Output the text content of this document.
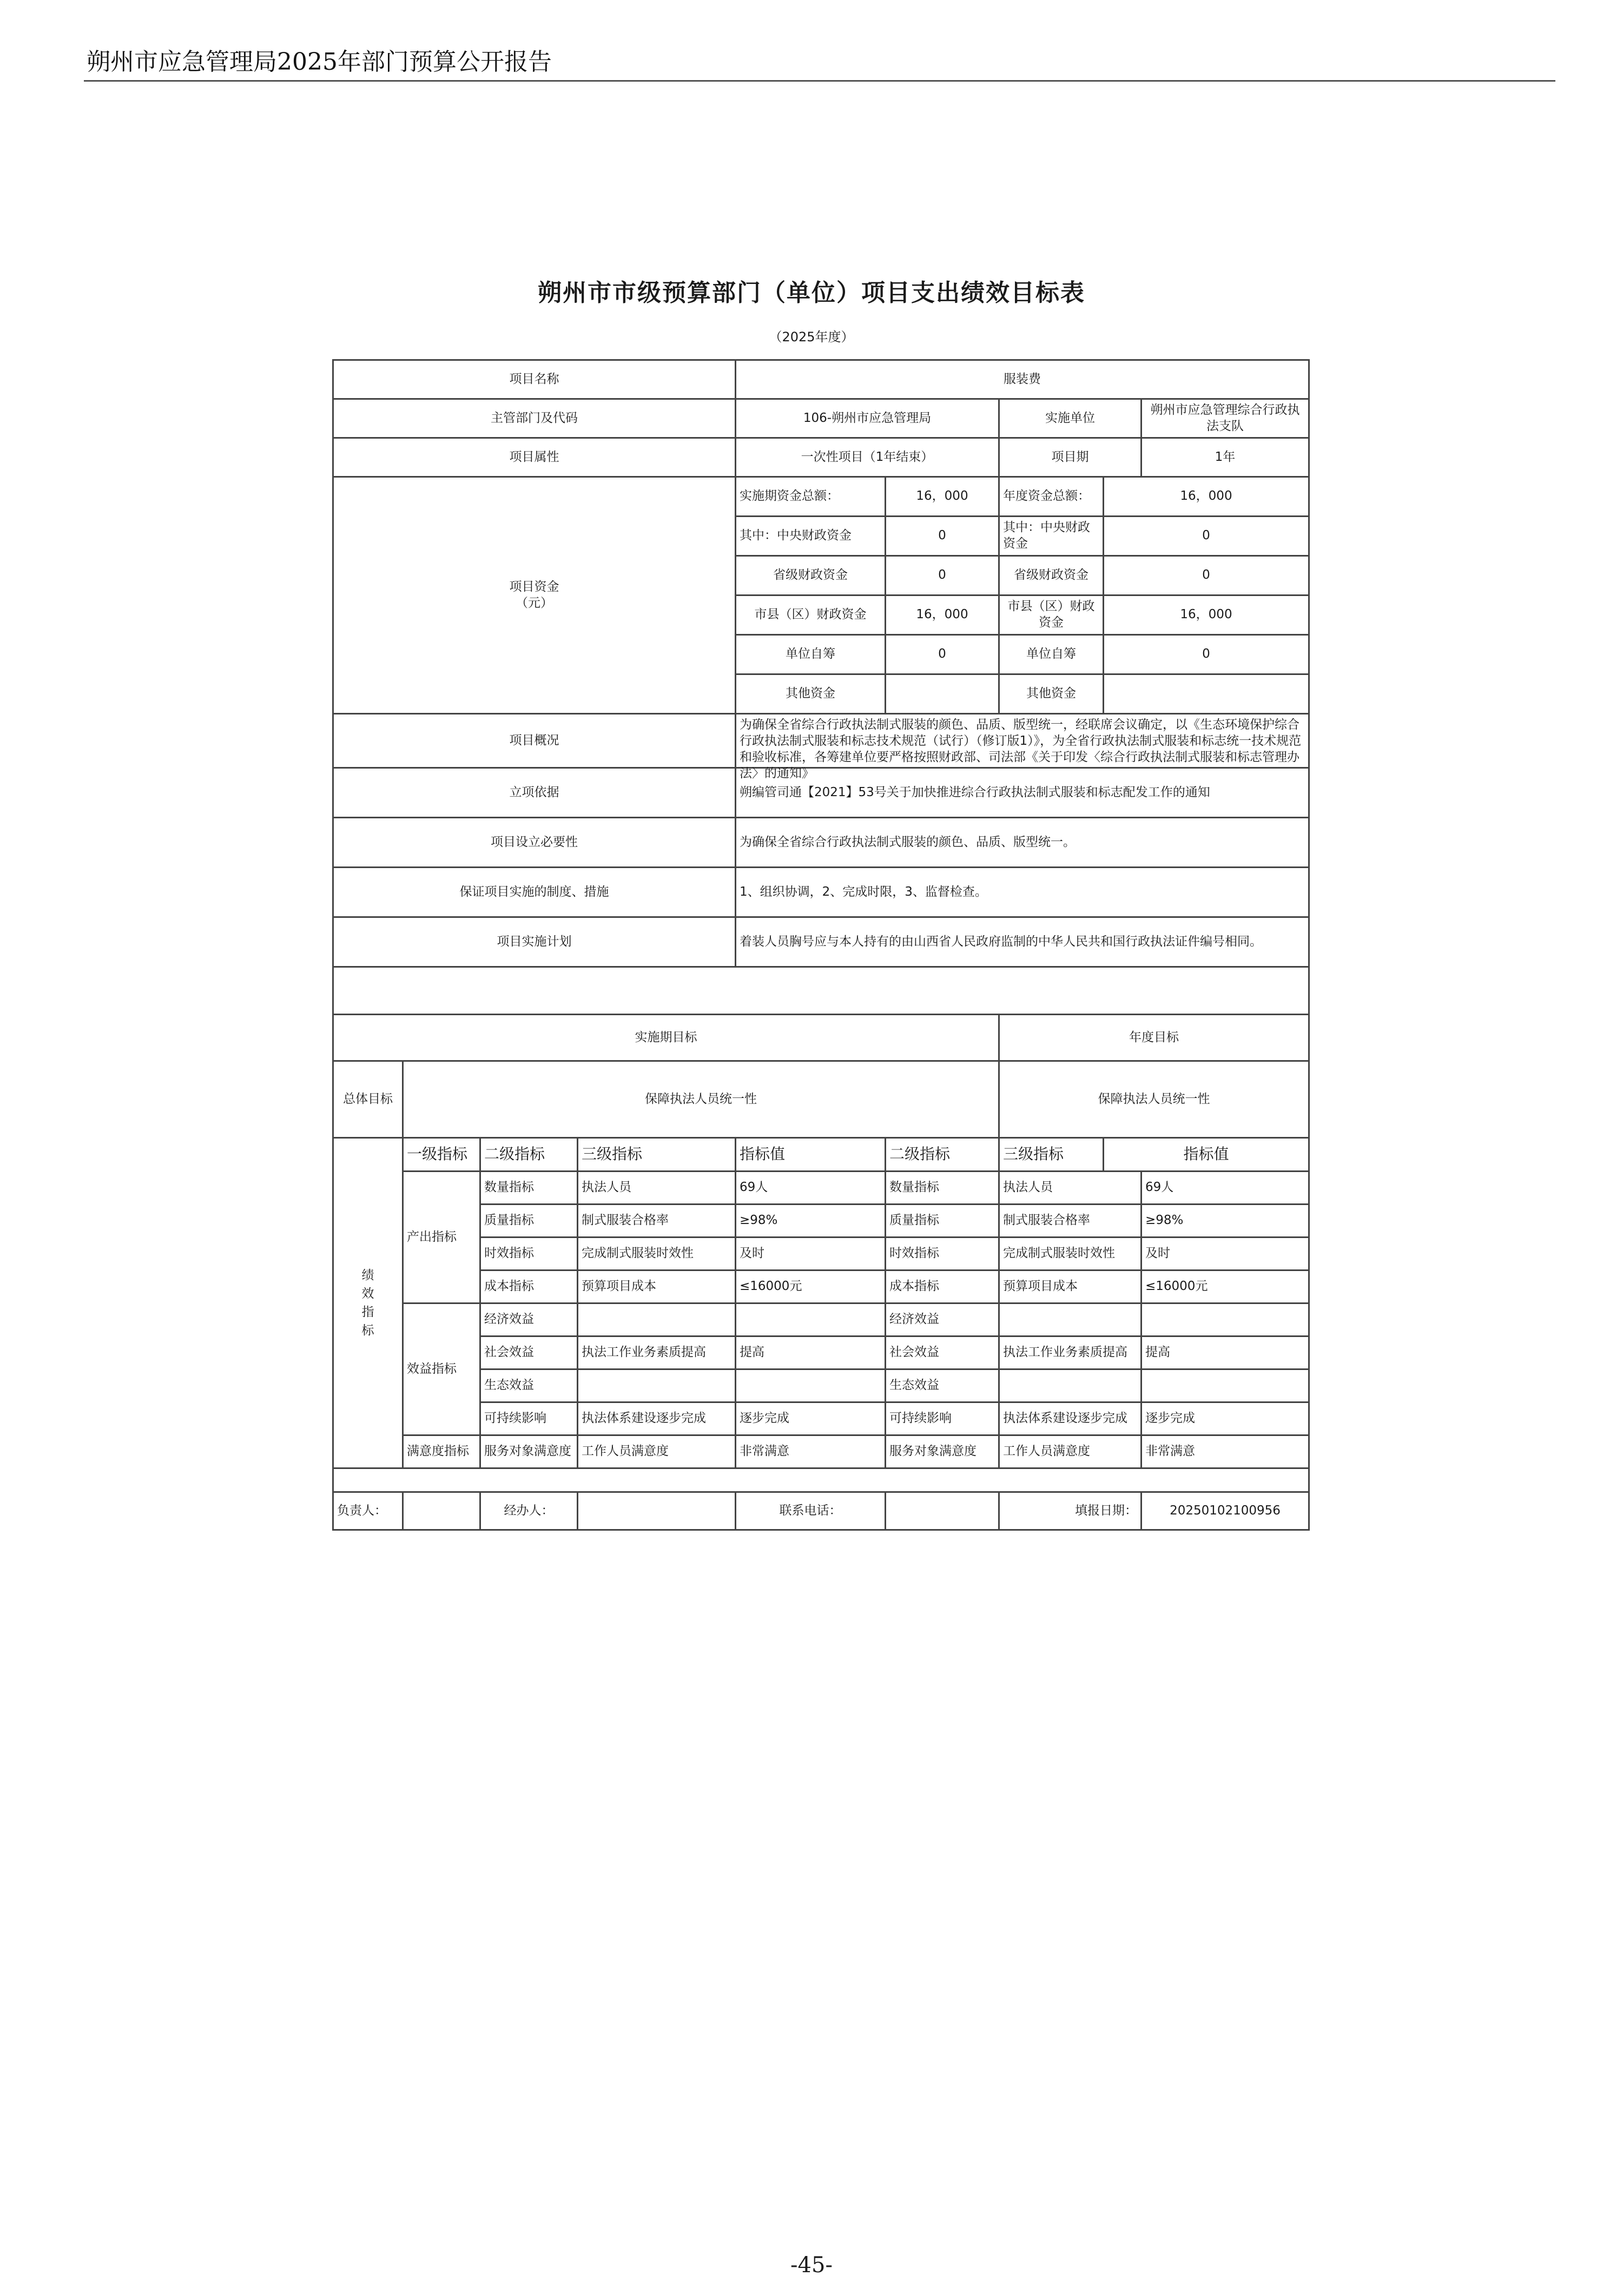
朔州市应急管理局2025年部门预算公开报告
朔州市市级预算部门（单位）项目支出绩效目标表
（2025年度）
项目名称				服装费				
主管部门及代码				106-朔州市应急管理局		实施单位		朔州市应急管理综合行政执法支队
项目属性				一次性项目（1年结束）		项目期		1年
项目资金
（元）				实施期资金总额：	16，000	年度资金总额：	16，000	
				其中：中央财政资金	0	其中：中央财政资金	0	
				省级财政资金	0	省级财政资金	0	
				市县（区）财政资金	16，000	市县（区）财政资金	16，000	
				单位自筹	0	单位自筹	0	
				其他资金		其他资金		
项目概况				为确保全省综合行政执法制式服装的颜色、品质、版型统一，经联席会议确定，以《生态环境保护综合行政执法制式服装和标志技术规范（试行）（修订版1）》，为全省行政执法制式服装和标志统一技术规范和验收标准，各筹建单位要严格按照财政部、司法部《关于印发〈综合行政执法制式服装和标志管理办法〉的通知》				

立项依据				朔编管司通【2021】53号关于加快推进综合行政执法制式服装和标志配发工作的通知				
项目设立必要性				为确保全省综合行政执法制式服装的颜色、品质、版型统一。				
保证项目实施的制度、措施				1、组织协调，2、完成时限，3、监督检查。				
项目实施计划				着装人员胸号应与本人持有的由山西省人民政府监制的中华人民共和国行政执法证件编号相同。				

实施期目标						年度目标		
总体目标	保障执法人员统一性					保障执法人员统一性		
绩
效
指
标	一级指标	二级指标	三级指标	指标值	二级指标	三级指标	指标值	
	产出指标	数量指标	执法人员	69人	数量指标	执法人员		69人
		质量指标	制式服装合格率	≥98%	质量指标	制式服装合格率		≥98%
		时效指标	完成制式服装时效性	及时	时效指标	完成制式服装时效性		及时
		成本指标	预算项目成本	≤16000元	成本指标	预算项目成本		≤16000元
	效益指标	经济效益			经济效益			
		社会效益	执法工作业务素质提高	提高	社会效益	执法工作业务素质提高		提高
		生态效益			生态效益			
		可持续影响	执法体系建设逐步完成	逐步完成	可持续影响	执法体系建设逐步完成		逐步完成
	满意度指标	服务对象满意度	工作人员满意度	非常满意	服务对象满意度	工作人员满意度		非常满意

负责人：		经办人：		联系电话：		填报日期：		20250102100956
-45-
